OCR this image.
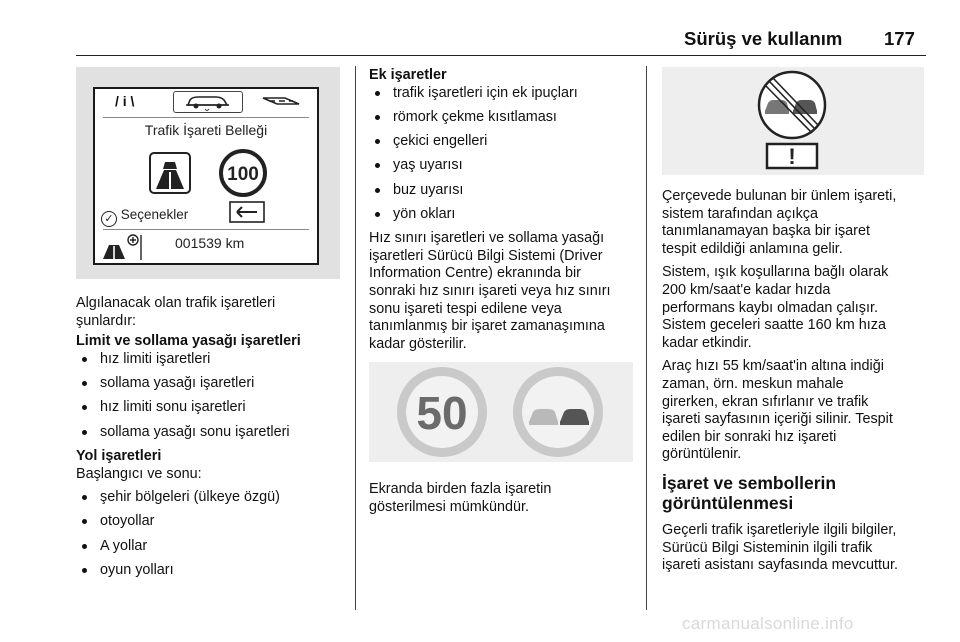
Sürüş ve kullanım 177
/ i \
Trafik İşareti Belleği
100
✓ Seçenekler
001539 km

Algılanacak olan trafik işaretleri

şunlardır:

Limit ve sollama yasağı işaretleri

hız limiti işaretleri
sollama yasağı işaretleri
hız limiti sonu işaretleri
sollama yasağı sonu işaretleri

Yol işaretleri

Başlangıcı ve sonu:

şehir bölgeleri (ülkeye özgü)
otoyollar
A yollar
oyun yolları

Ek işaretler

trafik işaretleri için ek ipuçları
römork çekme kısıtlaması
çekici engelleri
yaş uyarısı
buz uyarısı
yön okları

Hız sınırı işaretleri ve sollama yasağı

işaretleri Sürücü Bilgi Sistemi (Driver

Information Centre) ekranında bir

sonraki hız sınırı işareti veya hız sınırı

sonu işareti tespi edilene veya

tanımlanmış bir işaret zamanaşımına

kadar gösterilir.

50

Ekranda birden fazla işaretin

gösterilmesi mümkündür.

!

Çerçevede bulunan bir ünlem işareti,

sistem tarafından açıkça

tanımlanamayan başka bir işaret

tespit edildiği anlamına gelir.

Sistem, ışık koşullarına bağlı olarak

200 km/saat'e kadar hızda

performans kaybı olmadan çalışır.

Sistem geceleri saatte 160 km hıza

kadar etkindir.

Araç hızı 55 km/saat'in altına indiği

zaman, örn. meskun mahale

girerken, ekran sıfırlanır ve trafik

işareti sayfasının içeriği silinir. Tespit

edilen bir sonraki hız işareti

görüntülenir.

İşaret ve sembollerin

görüntülenmesi

Geçerli trafik işaretleriyle ilgili bilgiler,

Sürücü Bilgi Sisteminin ilgili trafik

işareti asistanı sayfasında mevcuttur.

carmanualsonline.info
